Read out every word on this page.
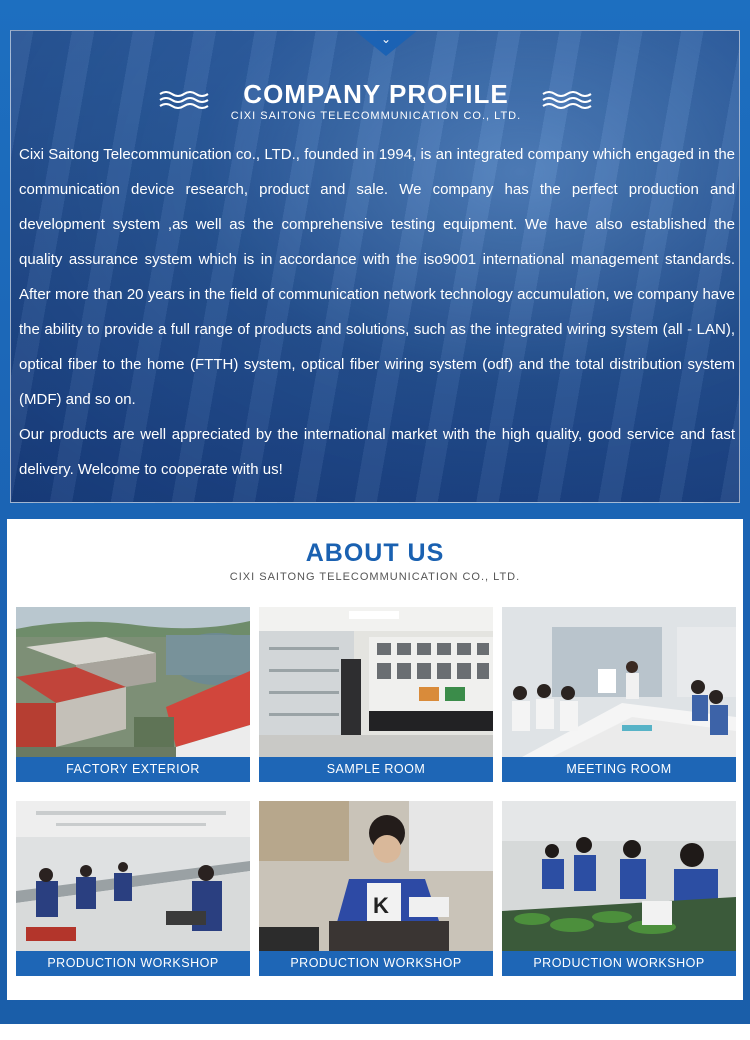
⌄
COMPANY PROFILE
CIXI SAITONG TELECOMMUNICATION CO., LTD.

Cixi Saitong Telecommunication co., LTD., founded in 1994, is an integrated company which engaged in the communication device research, product and sale. We company has the perfect production and development system ,as well as the comprehensive testing equipment. We have also established the quality assurance system which is in accordance with the iso9001 international management standards. After more than 20 years in the field of communication network technology accumulation, we company have the ability to provide a full range of products and solutions, such as the integrated wiring system (all - LAN), optical fiber to the home (FTTH) system, optical fiber wiring system (odf) and the total distribution system (MDF) and so on.

Our products are well appreciated by the international market with the high quality, good service and fast delivery. Welcome to cooperate with us!

ABOUT US
CIXI SAITONG TELECOMMUNICATION CO., LTD.
FACTORY EXTERIOR	SAMPLE ROOM	MEETING ROOM
PRODUCTION WORKSHOP
K
PRODUCTION WORKSHOP	PRODUCTION WORKSHOP
